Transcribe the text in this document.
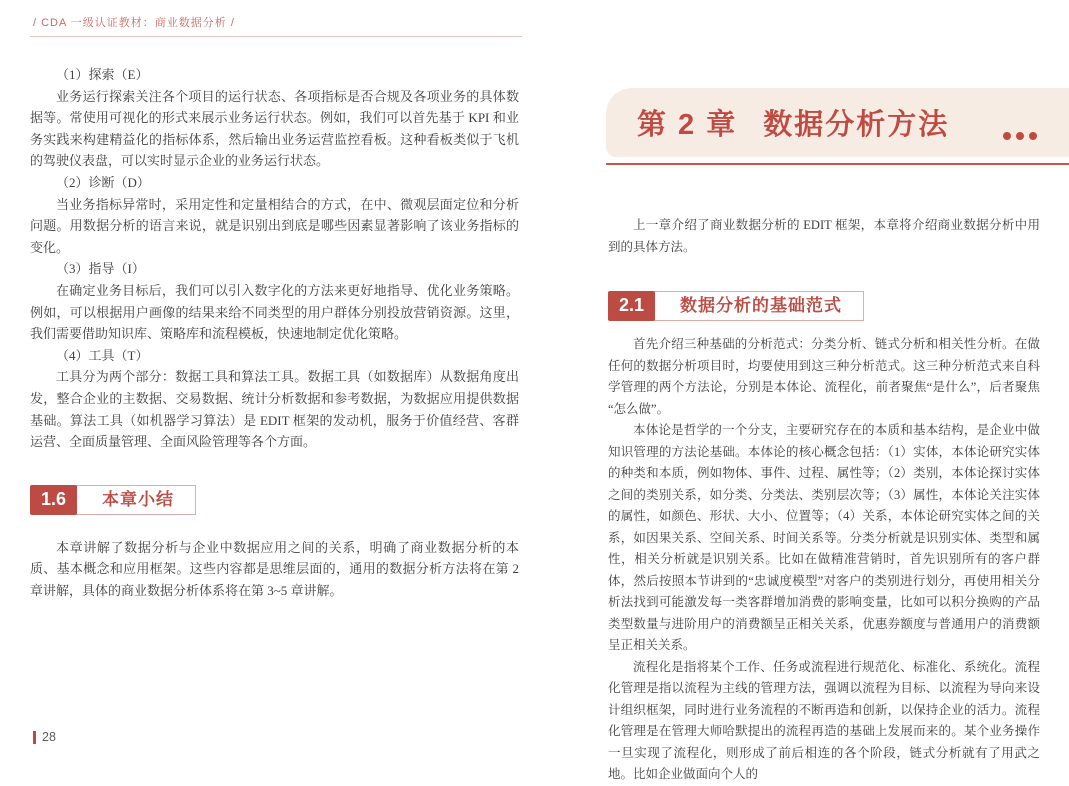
/ CDA 一级认证教材：商业数据分析 /

（1）探索（E）

业务运行探索关注各个项目的运行状态、各项指标是否合规及各项业务的具体数据等。常使用可视化的形式来展示业务运行状态。例如，我们可以首先基于 KPI 和业务实践来构建精益化的指标体系，然后输出业务运营监控看板。这种看板类似于飞机的驾驶仪表盘，可以实时显示企业的业务运行状态。

（2）诊断（D）

当业务指标异常时，采用定性和定量相结合的方式，在中、微观层面定位和分析问题。用数据分析的语言来说，就是识别出到底是哪些因素显著影响了该业务指标的变化。

（3）指导（I）

在确定业务目标后，我们可以引入数字化的方法来更好地指导、优化业务策略。例如，可以根据用户画像的结果来给不同类型的用户群体分别投放营销资源。这里，我们需要借助知识库、策略库和流程模板，快速地制定优化策略。

（4）工具（T）

工具分为两个部分：数据工具和算法工具。数据工具（如数据库）从数据角度出发，整合企业的主数据、交易数据、统计分析数据和参考数据，为数据应用提供数据基础。算法工具（如机器学习算法）是 EDIT 框架的发动机，服务于价值经营、客群运营、全面质量管理、全面风险管理等各个方面。

1.6	本章小结

本章讲解了数据分析与企业中数据应用之间的关系，明确了商业数据分析的本质、基本概念和应用框架。这些内容都是思维层面的，通用的数据分析方法将在第 2 章讲解，具体的商业数据分析体系将在第 3~5 章讲解。

第 2 章 数据分析方法

上一章介绍了商业数据分析的 EDIT 框架，本章将介绍商业数据分析中用到的具体方法。

2.1	数据分析的基础范式

首先介绍三种基础的分析范式：分类分析、链式分析和相关性分析。在做任何的数据分析项目时，均要使用到这三种分析范式。这三种分析范式来自科学管理的两个方法论，分别是本体论、流程化，前者聚焦“是什么”，后者聚焦“怎么做”。

本体论是哲学的一个分支，主要研究存在的本质和基本结构，是企业中做知识管理的方法论基础。本体论的核心概念包括：（1）实体，本体论研究实体的种类和本质，例如物体、事件、过程、属性等；（2）类别，本体论探讨实体之间的类别关系，如分类、分类法、类别层次等；（3）属性，本体论关注实体的属性，如颜色、形状、大小、位置等；（4）关系，本体论研究实体之间的关系，如因果关系、空间关系、时间关系等。分类分析就是识别实体、类型和属性，相关分析就是识别关系。比如在做精准营销时，首先识别所有的客户群体，然后按照本节讲到的“忠诚度模型”对客户的类别进行划分，再使用相关分析法找到可能激发每一类客群增加消费的影响变量，比如可以积分换购的产品类型数量与进阶用户的消费额呈正相关关系，优惠券额度与普通用户的消费额呈正相关关系。

流程化是指将某个工作、任务或流程进行规范化、标准化、系统化。流程化管理是指以流程为主线的管理方法，强调以流程为目标、以流程为导向来设计组织框架，同时进行业务流程的不断再造和创新，以保持企业的活力。流程化管理是在管理大师哈默提出的流程再造的基础上发展而来的。某个业务操作一旦实现了流程化，则形成了前后相连的各个阶段，链式分析就有了用武之地。比如企业做面向个人的

28
